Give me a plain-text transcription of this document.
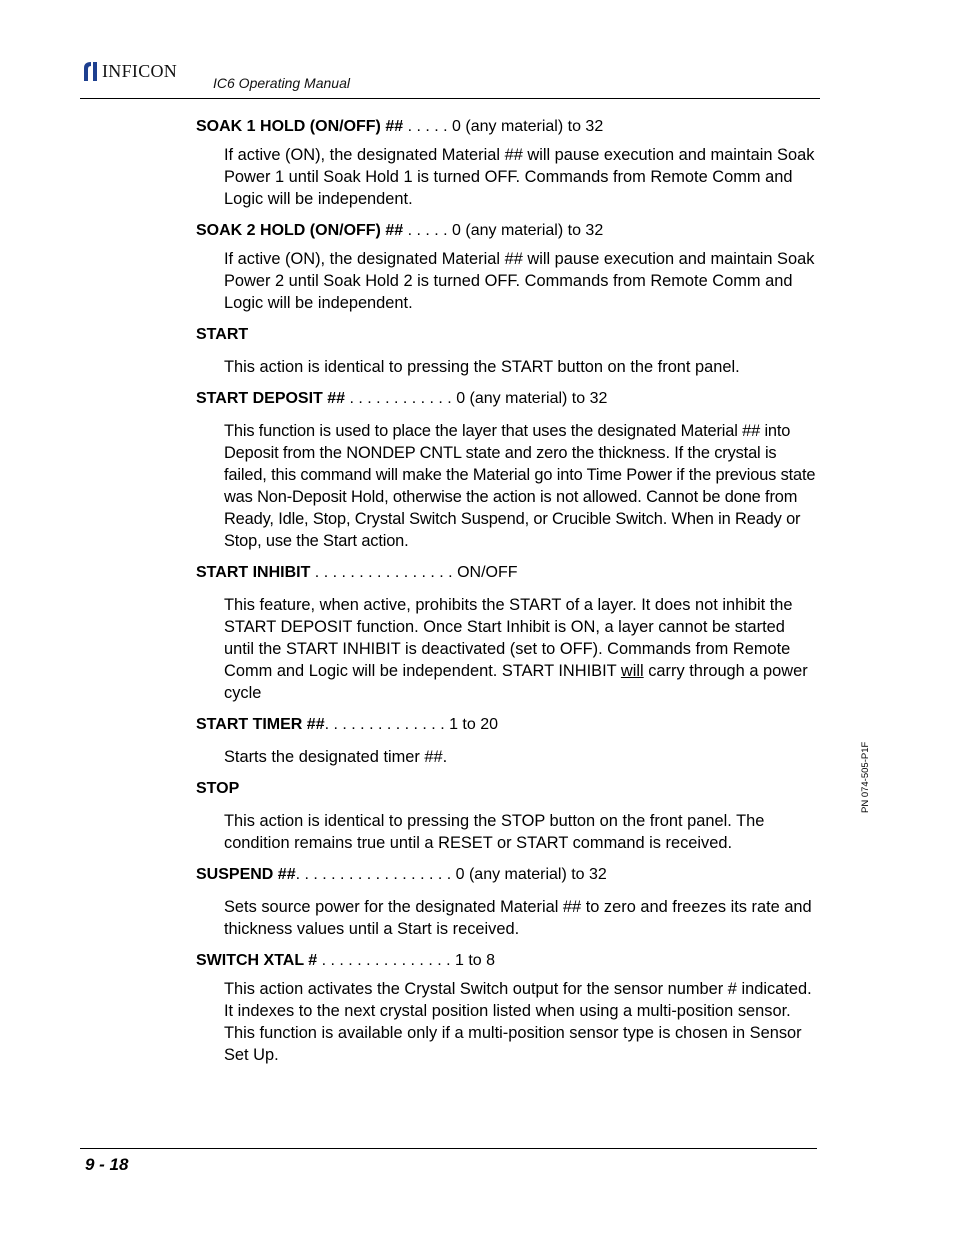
INFICON
IC6 Operating Manual
SOAK 1 HOLD (ON/OFF) ## . . . . . 0 (any material) to 32
If active (ON), the designated Material ## will pause execution and maintain Soak Power 1 until Soak Hold 1 is turned OFF. Commands from Remote Comm and Logic will be independent.
SOAK 2 HOLD (ON/OFF) ## . . . . . 0 (any material) to 32
If active (ON), the designated Material ## will pause execution and maintain Soak Power 2 until Soak Hold 2 is turned OFF. Commands from Remote Comm and Logic will be independent.
START
This action is identical to pressing the START button on the front panel.
START DEPOSIT ## . . . . . . . . . . . . 0 (any material) to 32
This function is used to place the layer that uses the designated Material ## into Deposit from the NONDEP CNTL state and zero the thickness. If the crystal is failed, this command will make the Material go into Time Power if the previous state was Non-Deposit Hold, otherwise the action is not allowed. Cannot be done from Ready, Idle, Stop, Crystal Switch Suspend, or Crucible Switch. When in Ready or Stop, use the Start action.
START INHIBIT . . . . . . . . . . . . . . . . ON/OFF
This feature, when active, prohibits the START of a layer. It does not inhibit the START DEPOSIT function. Once Start Inhibit is ON, a layer cannot be started until the START INHIBIT is deactivated (set to OFF). Commands from Remote Comm and Logic will be independent. START INHIBIT will carry through a power cycle
START TIMER ##. . . . . . . . . . . . . . 1 to 20
Starts the designated timer ##.
STOP
This action is identical to pressing the STOP button on the front panel. The condition remains true until a RESET or START command is received.
SUSPEND ##. . . . . . . . . . . . . . . . . . 0 (any material) to 32
Sets source power for the designated Material ## to zero and freezes its rate and thickness values until a Start is received.
SWITCH XTAL # . . . . . . . . . . . . . . . 1 to 8
This action activates the Crystal Switch output for the sensor number # indicated. It indexes to the next crystal position listed when using a multi-position sensor. This function is available only if a multi-position sensor type is chosen in Sensor Set Up.
PN 074-505-P1F
9 - 18
